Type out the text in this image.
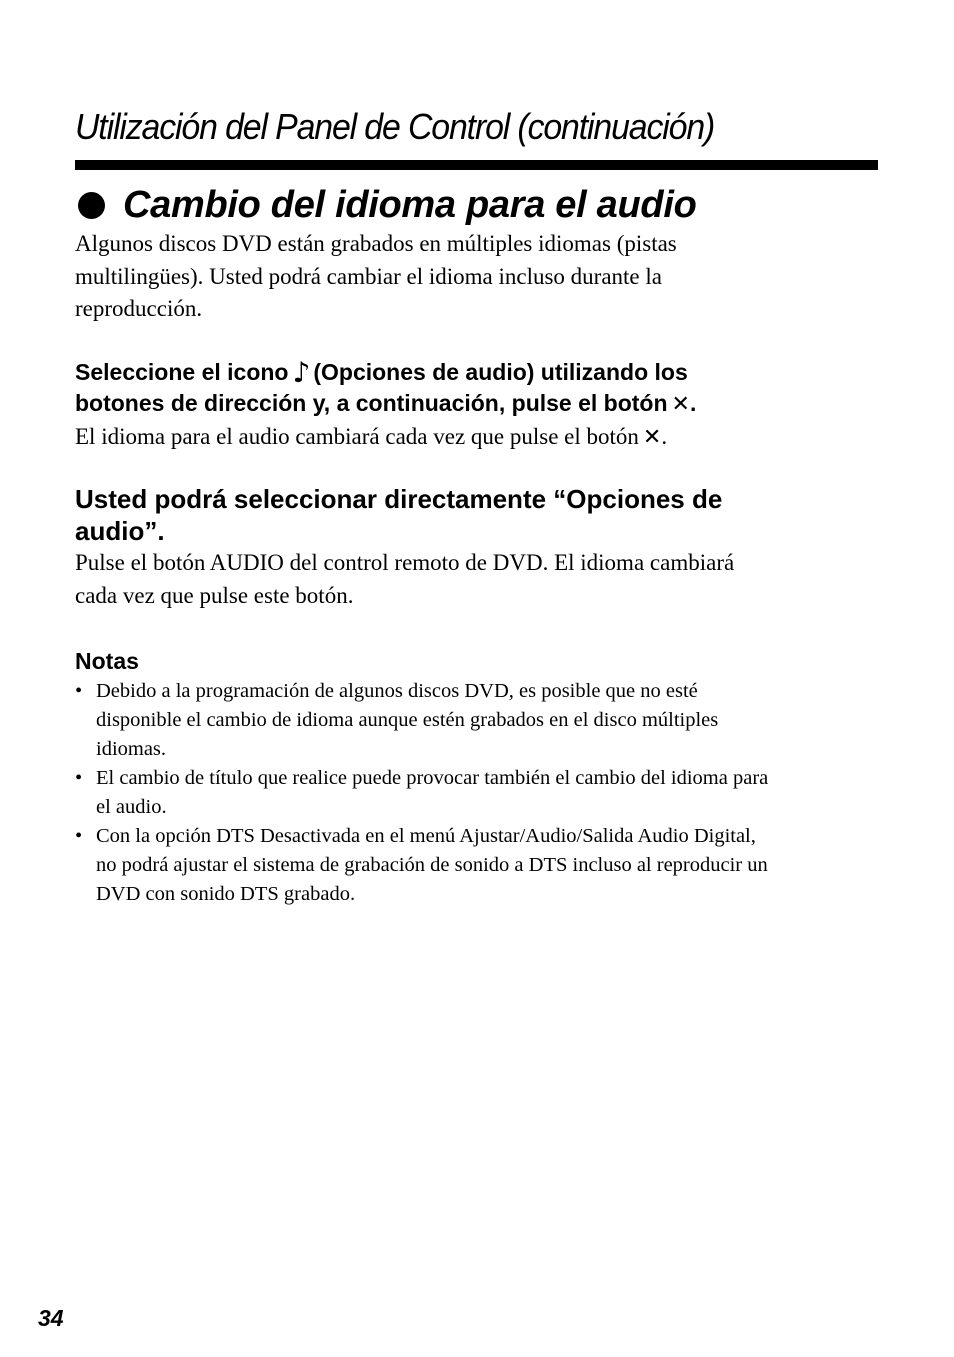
Utilización del Panel de Control (continuación)
Cambio del idioma para el audio

Algunos discos DVD están grabados en múltiples idiomas (pistas
multilingües). Usted podrá cambiar el idioma incluso durante la
reproducción.

Seleccione el icono ♪ (Opciones de audio) utilizando los
botones de dirección y, a continuación, pulse el botón ✕.
El idioma para el audio cambiará cada vez que pulse el botón ✕.
Usted podrá seleccionar directamente “Opciones de
audio”.
Pulse el botón AUDIO del control remoto de DVD. El idioma cambiará
cada vez que pulse este botón.
Notas
• Debido a la programación de algunos discos DVD, es posible que no esté
disponible el cambio de idioma aunque estén grabados en el disco múltiples
idiomas.
• El cambio de título que realice puede provocar también el cambio del idioma para
el audio.
• Con la opción DTS Desactivada en el menú Ajustar/Audio/Salida Audio Digital,
no podrá ajustar el sistema de grabación de sonido a DTS incluso al reproducir un
DVD con sonido DTS grabado.
34
